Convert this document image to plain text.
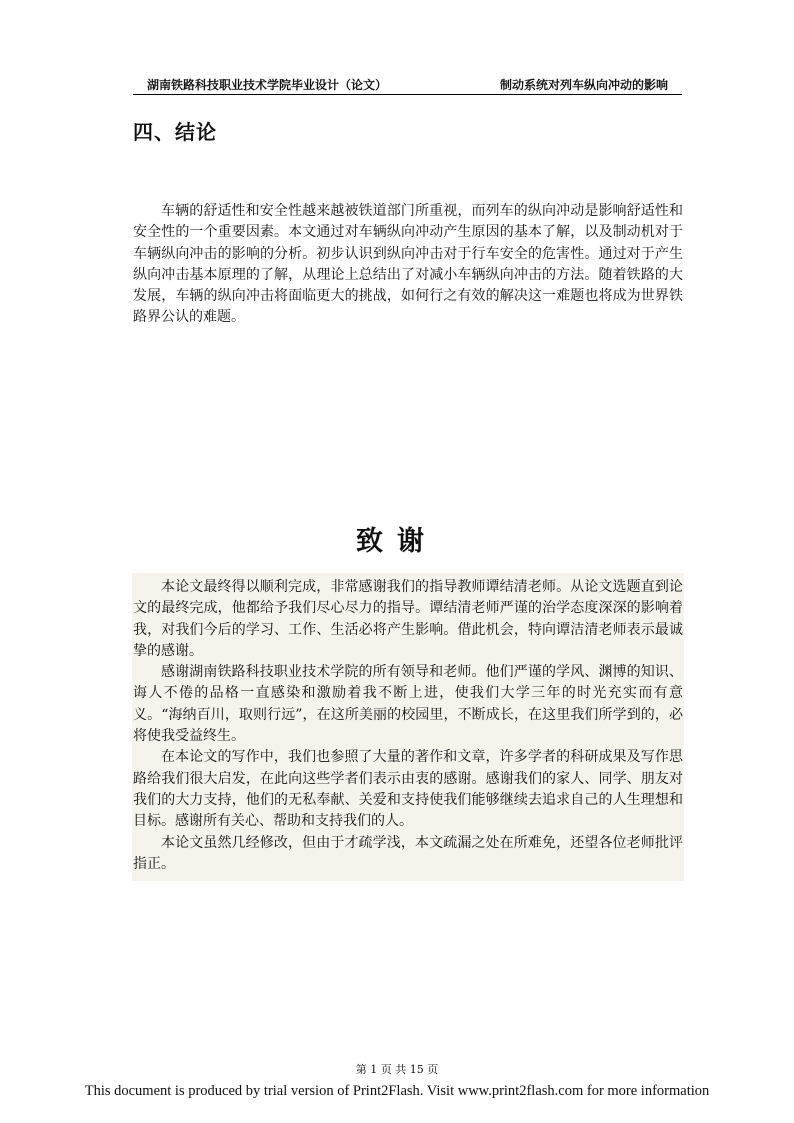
湖南铁路科技职业技术学院毕业设计（论文）	制动系统对列车纵向冲动的影响
四、结论

车辆的舒适性和安全性越来越被铁道部门所重视，而列车的纵向冲动是影响舒适性和安全性的一个重要因素。本文通过对车辆纵向冲动产生原因的基本了解，以及制动机对于车辆纵向冲击的影响的分析。初步认识到纵向冲击对于行车安全的危害性。通过对于产生纵向冲击基本原理的了解，从理论上总结出了对减小车辆纵向冲击的方法。随着铁路的大发展，车辆的纵向冲击将面临更大的挑战，如何行之有效的解决这一难题也将成为世界铁路界公认的难题。

致谢

本论文最终得以顺利完成，非常感谢我们的指导教师谭结清老师。从论文选题直到论文的最终完成，他都给予我们尽心尽力的指导。谭结清老师严谨的治学态度深深的影响着我，对我们今后的学习、工作、生活必将产生影响。借此机会，特向谭洁清老师表示最诚挚的感谢。

感谢湖南铁路科技职业技术学院的所有领导和老师。他们严谨的学风、渊博的知识、诲人不倦的品格一直感染和激励着我不断上进，使我们大学三年的时光充实而有意义。“海纳百川，取则行远”，在这所美丽的校园里，不断成长，在这里我们所学到的，必将使我受益终生。

在本论文的写作中，我们也参照了大量的著作和文章，许多学者的科研成果及写作思路给我们很大启发，在此向这些学者们表示由衷的感谢。感谢我们的家人、同学、朋友对我们的大力支持，他们的无私奉献、关爱和支持使我们能够继续去追求自己的人生理想和目标。感谢所有关心、帮助和支持我们的人。

本论文虽然几经修改，但由于才疏学浅，本文疏漏之处在所难免，还望各位老师批评指正。

第 1 页 共 15 页
This document is produced by trial version of Print2Flash. Visit www.print2flash.com for more information
